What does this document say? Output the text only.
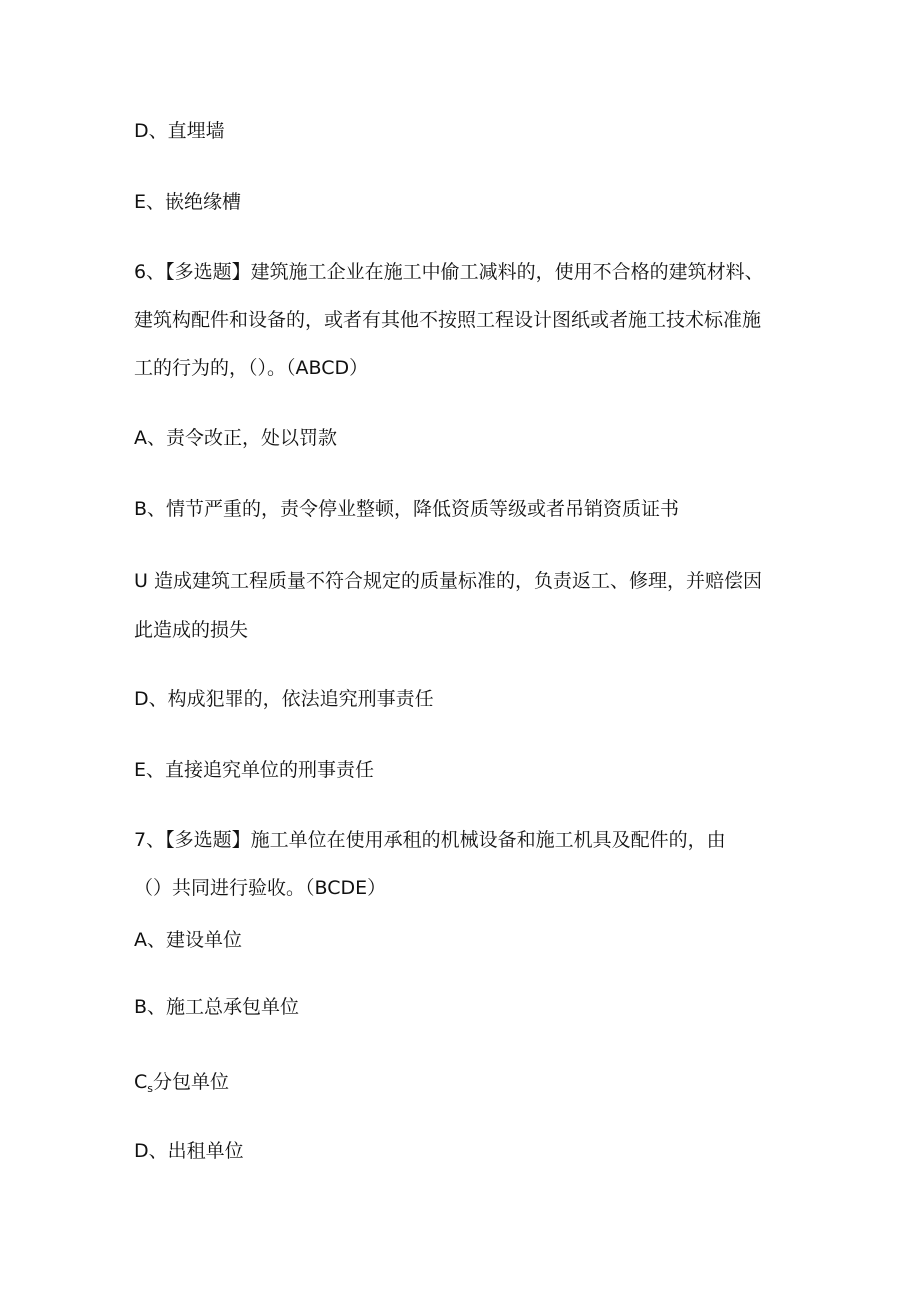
D、直埋墙
E、嵌绝缘槽
6、【多选题】建筑施工企业在施工中偷工减料的，使用不合格的建筑材料、
建筑构配件和设备的，或者有其他不按照工程设计图纸或者施工技术标准施
工的行为的，（）。（ABCD）
A、责令改正，处以罚款
B、情节严重的，责令停业整顿，降低资质等级或者吊销资质证书
U 造成建筑工程质量不符合规定的质量标准的，负责返工、修理，并赔偿因
此造成的损失
D、构成犯罪的，依法追究刑事责任
E、直接追究单位的刑事责任
7、【多选题】施工单位在使用承租的机械设备和施工机具及配件的，由
（）共同进行验收。（BCDE）
A、建设单位
B、施工总承包单位
$C_s$分包单位
D、出租单位
